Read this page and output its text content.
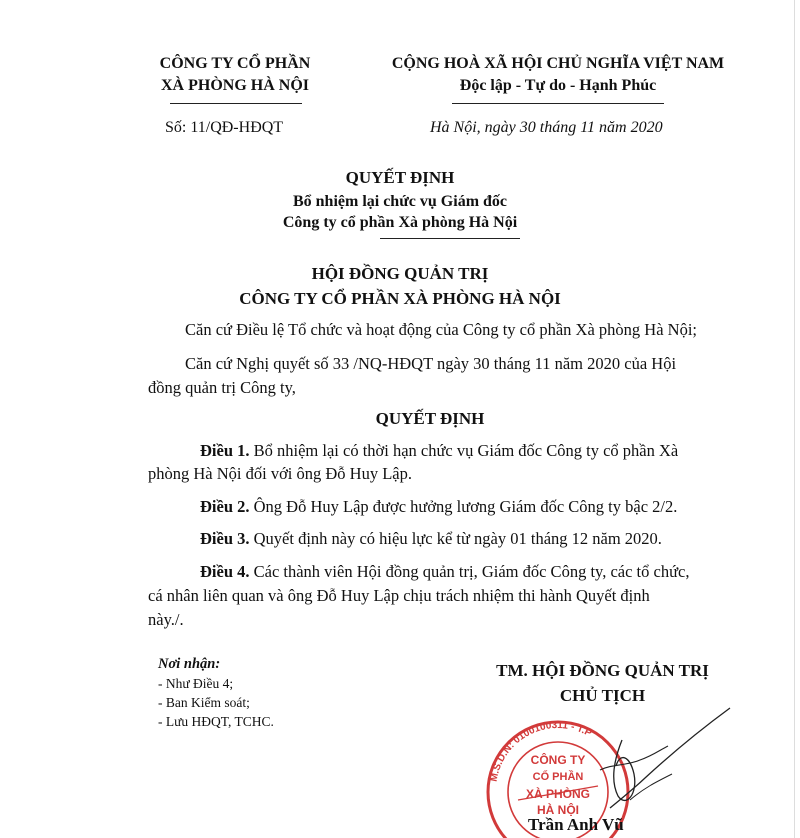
CÔNG TY CỔ PHẦN
XÀ PHÒNG HÀ NỘI
Số: 11/QĐ-HĐQT
CỘNG HOÀ XÃ HỘI CHỦ NGHĨA VIỆT NAM
Độc lập - Tự do - Hạnh Phúc
Hà Nội, ngày 30 tháng 11 năm 2020
QUYẾT ĐỊNH
Bổ nhiệm lại chức vụ Giám đốc
Công ty cổ phần Xà phòng Hà Nội
HỘI ĐỒNG QUẢN TRỊ
CÔNG TY CỔ PHẦN XÀ PHÒNG HÀ NỘI
Căn cứ Điều lệ Tổ chức và hoạt động của Công ty cổ phần Xà phòng Hà Nội;
Căn cứ Nghị quyết số 33 /NQ-HĐQT ngày 30 tháng 11 năm 2020 của Hội
đồng quản trị Công ty,
QUYẾT ĐỊNH
Điều 1. Bổ nhiệm lại có thời hạn chức vụ Giám đốc Công ty cổ phần Xà
phòng Hà Nội đối với ông Đỗ Huy Lập.
Điều 2. Ông Đỗ Huy Lập được hưởng lương Giám đốc Công ty bậc 2/2.
Điều 3. Quyết định này có hiệu lực kể từ ngày 01 tháng 12 năm 2020.
Điều 4. Các thành viên Hội đồng quản trị, Giám đốc Công ty, các tổ chức,
cá nhân liên quan và ông Đỗ Huy Lập chịu trách nhiệm thi hành Quyết định
này./.
Nơi nhận:
- Như Điều 4;
- Ban Kiểm soát;
- Lưu HĐQT, TCHC.
TM. HỘI ĐỒNG QUẢN TRỊ
CHỦ TỊCH
M.S.D.N: 0100100311 - T.P
CÔNG TY
CỔ PHẦN
XÀ PHÒNG
HÀ NỘI
Trần Anh Vũ
